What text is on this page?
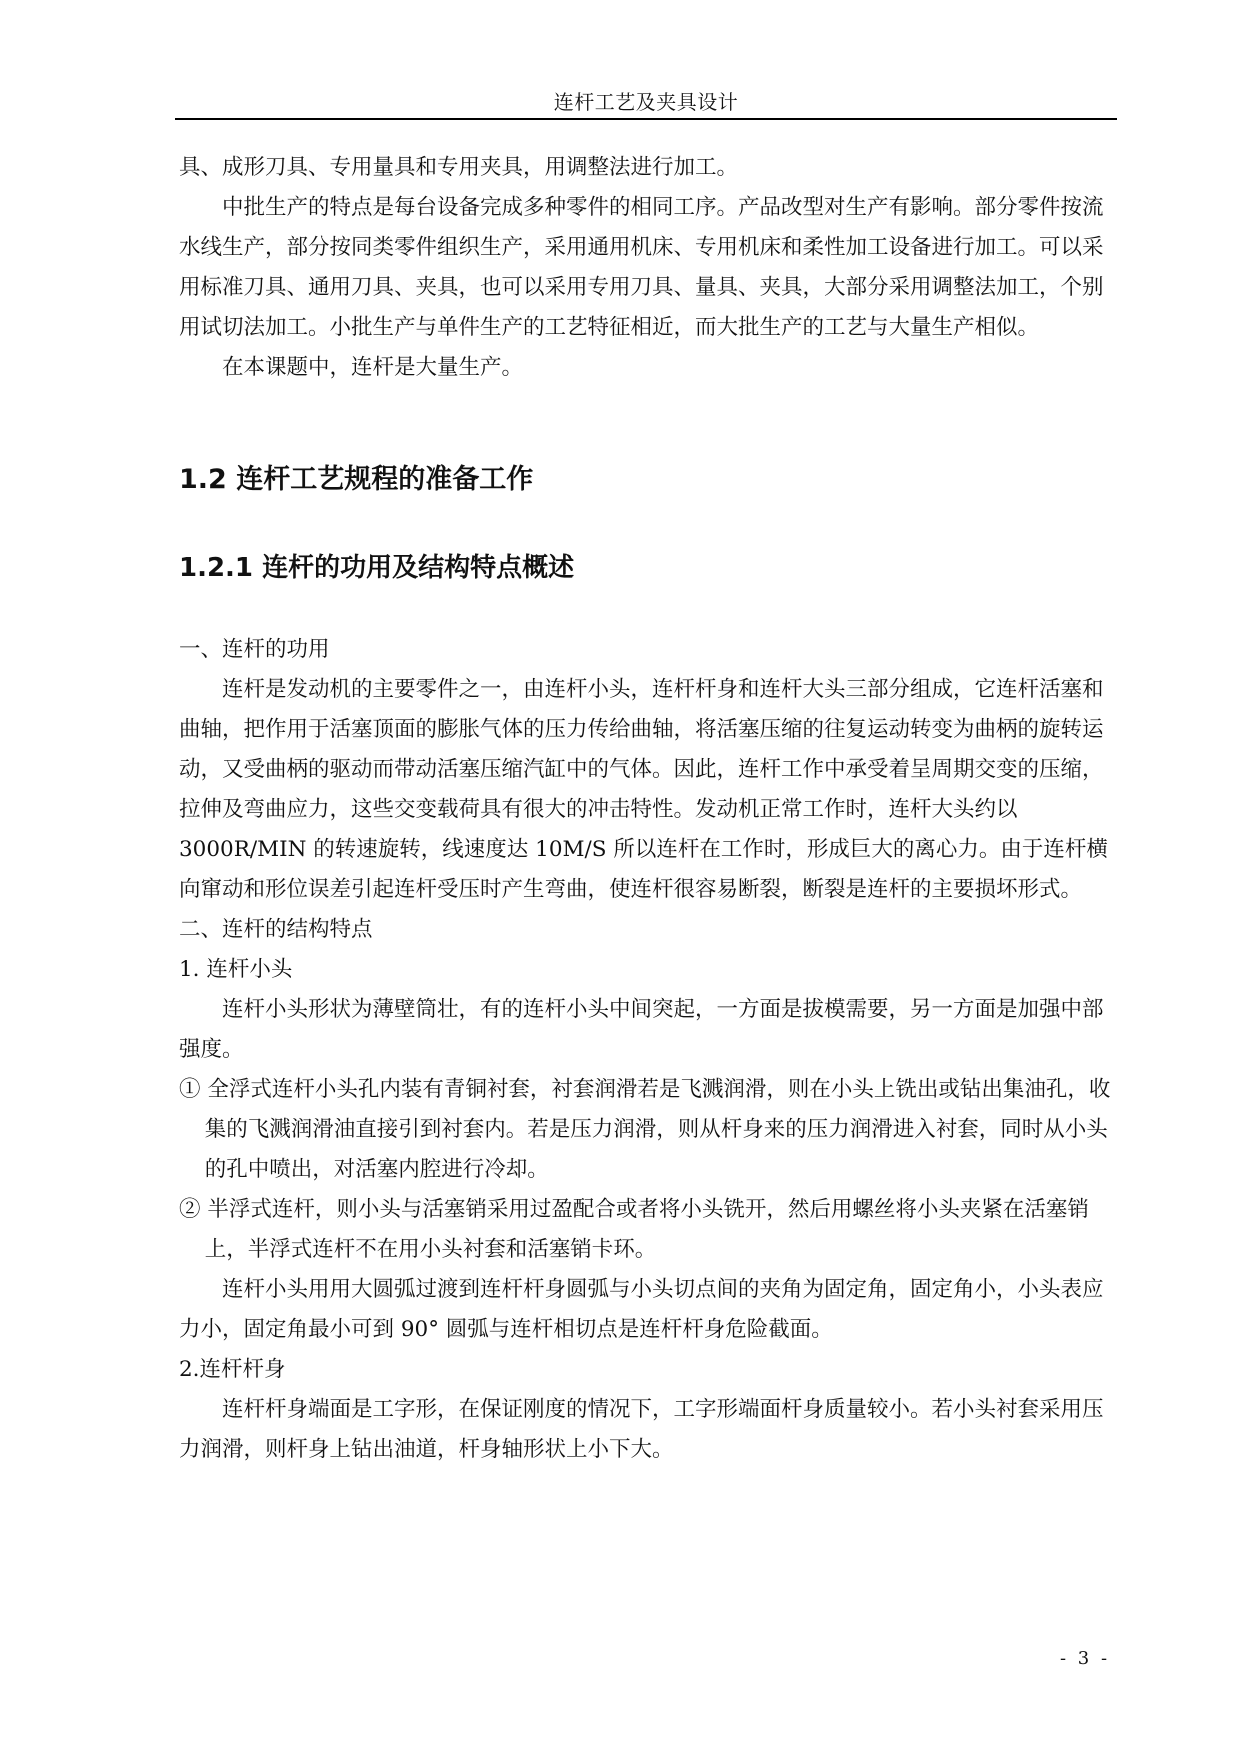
连杆工艺及夹具设计

具、成形刀具、专用量具和专用夹具，用调整法进行加工。

中批生产的特点是每台设备完成多种零件的相同工序。产品改型对生产有影响。部分零件按流水线生产，部分按同类零件组织生产，采用通用机床、专用机床和柔性加工设备进行加工。可以采用标准刀具、通用刀具、夹具，也可以采用专用刀具、量具、夹具，大部分采用调整法加工，个别用试切法加工。小批生产与单件生产的工艺特征相近，而大批生产的工艺与大量生产相似。

在本课题中，连杆是大量生产。

1.2 连杆工艺规程的准备工作

1.2.1 连杆的功用及结构特点概述

一、连杆的功用

连杆是发动机的主要零件之一，由连杆小头，连杆杆身和连杆大头三部分组成，它连杆活塞和曲轴，把作用于活塞顶面的膨胀气体的压力传给曲轴，将活塞压缩的往复运动转变为曲柄的旋转运动，又受曲柄的驱动而带动活塞压缩汽缸中的气体。因此，连杆工作中承受着呈周期交变的压缩，拉伸及弯曲应力，这些交变载荷具有很大的冲击特性。发动机正常工作时，连杆大头约以 3000R/MIN 的转速旋转，线速度达 10M/S 所以连杆在工作时，形成巨大的离心力。由于连杆横向窜动和形位误差引起连杆受压时产生弯曲，使连杆很容易断裂，断裂是连杆的主要损坏形式。

二、连杆的结构特点

1. 连杆小头

连杆小头形状为薄壁筒壮，有的连杆小头中间突起，一方面是拔模需要，另一方面是加强中部强度。

① 全浮式连杆小头孔内装有青铜衬套，衬套润滑若是飞溅润滑，则在小头上铣出或钻出集油孔，收集的飞溅润滑油直接引到衬套内。若是压力润滑，则从杆身来的压力润滑进入衬套，同时从小头的孔中喷出，对活塞内腔进行冷却。

② 半浮式连杆，则小头与活塞销采用过盈配合或者将小头铣开，然后用螺丝将小头夹紧在活塞销上，半浮式连杆不在用小头衬套和活塞销卡环。

连杆小头用用大圆弧过渡到连杆杆身圆弧与小头切点间的夹角为固定角，固定角小，小头表应力小，固定角最小可到 90° 圆弧与连杆相切点是连杆杆身危险截面。

2.连杆杆身

连杆杆身端面是工字形，在保证刚度的情况下，工字形端面杆身质量较小。若小头衬套采用压力润滑，则杆身上钻出油道，杆身轴形状上小下大。

- 3 -
